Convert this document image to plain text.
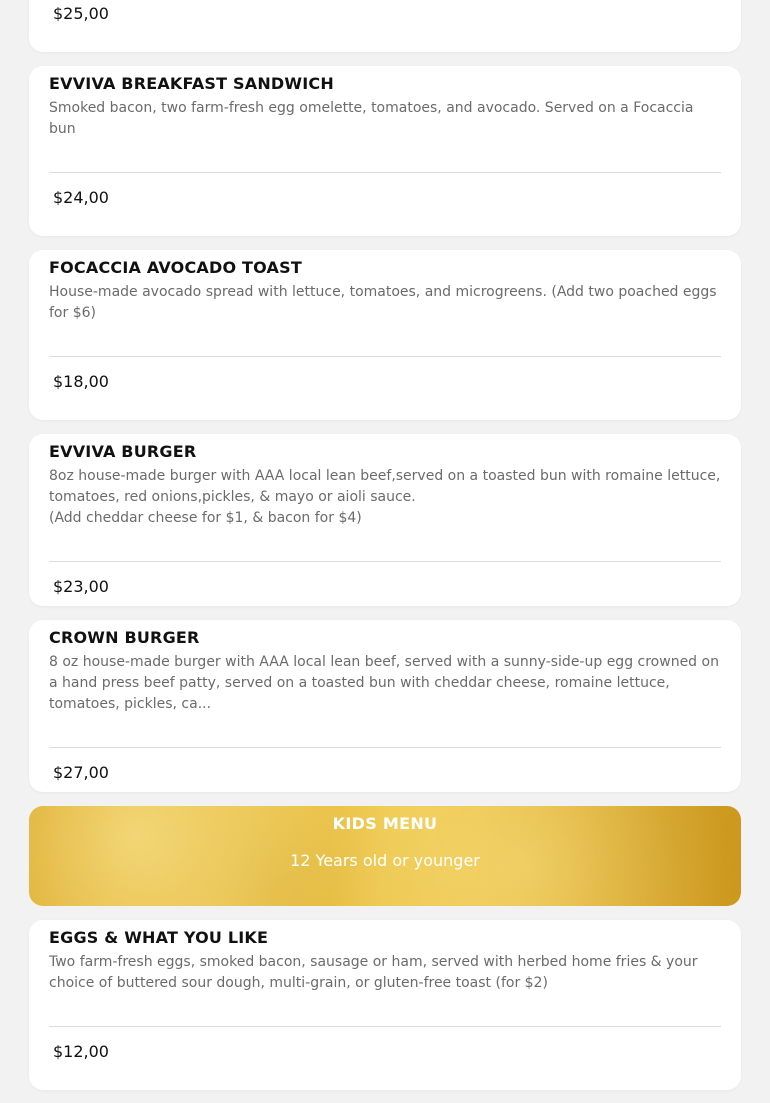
$25,00
EVVIVA BREAKFAST SANDWICH
Smoked bacon, two farm-fresh egg omelette, tomatoes, and avocado. Served on a Focaccia bun
$24,00
FOCACCIA AVOCADO TOAST
House-made avocado spread with lettuce, tomatoes, and microgreens. (Add two poached eggs for $6)
$18,00
EVVIVA BURGER
8oz house-made burger with AAA local lean beef,served on a toasted bun with romaine lettuce, tomatoes, red onions,pickles, & mayo or aioli sauce.
(Add cheddar cheese for $1, & bacon for $4)
$23,00
CROWN BURGER
8 oz house-made burger with AAA local lean beef, served with a sunny-side-up egg crowned on a hand press beef patty, served on a toasted bun with cheddar cheese, romaine lettuce, tomatoes, pickles, ca...
$27,00
KIDS MENU
12 Years old or younger
EGGS & WHAT YOU LIKE
Two farm-fresh eggs, smoked bacon, sausage or ham, served with herbed home fries & your choice of buttered sour dough, multi-grain, or gluten-free toast (for $2)
$12,00
